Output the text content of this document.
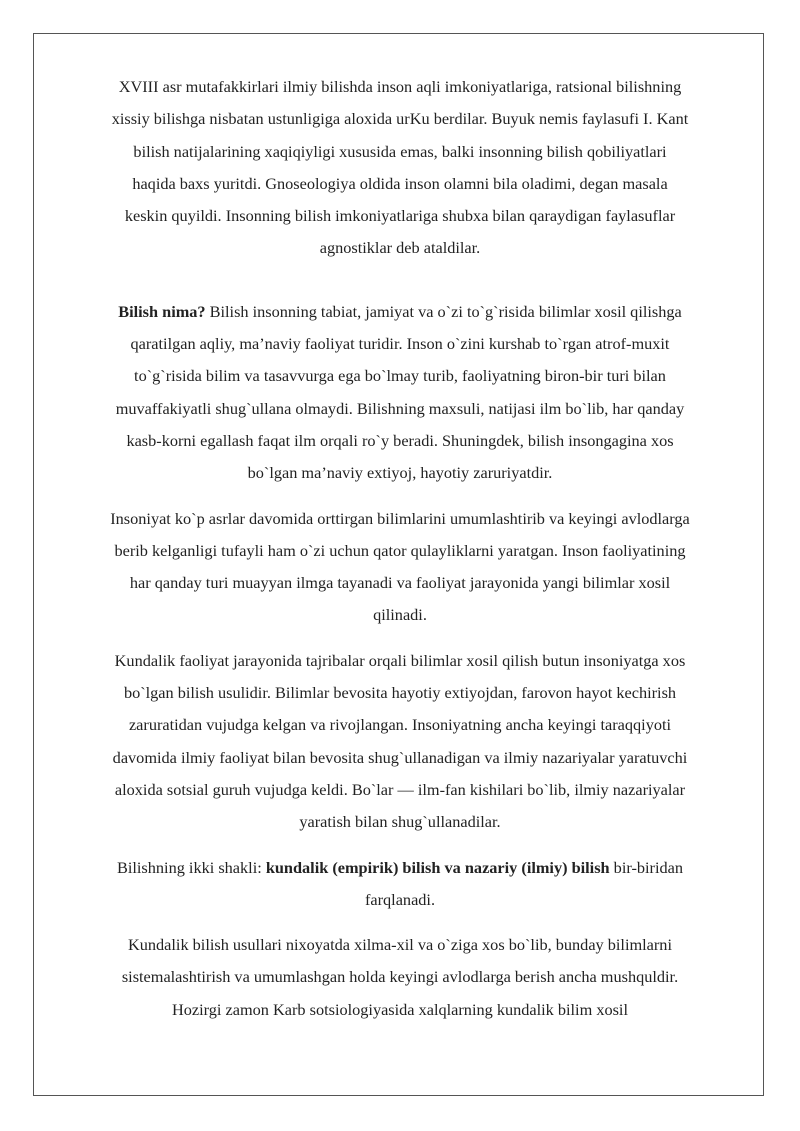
XVIII asr mutafakkirlari ilmiy bilishda inson aqli imkoniyatlariga, ratsional bilishning xissiy bilishga nisbatan ustunligiga aloxida urKu berdilar. Buyuk nemis faylasufi I. Kant bilish natijalarining xaqiqiyligi xususida emas, balki insonning bilish qobiliyatlari haqida baxs yuritdi. Gnoseologiya oldida inson olamni bila oladimi, degan masala keskin quyildi. Insonning bilish imkoniyatlariga shubxa bilan qaraydigan faylasuflar agnostiklar deb ataldilar.

Bilish nima? Bilish insonning tabiat, jamiyat va o`zi to`g`risida bilimlar xosil qilishga qaratilgan aqliy, ma’naviy faoliyat turidir. Inson o`zini kurshab to`rgan atrof-muxit to`g`risida bilim va tasavvurga ega bo`lmay turib, faoliyatning biron-bir turi bilan muvaffakiyatli shug`ullana olmaydi. Bilishning maxsuli, natijasi ilm bo`lib, har qanday kasb-korni egallash faqat ilm orqali ro`y beradi. Shuningdek, bilish insongagina xos bo`lgan ma’naviy extiyoj, hayotiy zaruriyatdir.

Insoniyat ko`p asrlar davomida orttirgan bilimlarini umumlashtirib va keyingi avlodlarga berib kelganligi tufayli ham o`zi uchun qator qulayliklarni yaratgan. Inson faoliyatining har qanday turi muayyan ilmga tayanadi va faoliyat jarayonida yangi bilimlar xosil qilinadi.

Kundalik faoliyat jarayonida tajribalar orqali bilimlar xosil qilish butun insoniyatga xos bo`lgan bilish usulidir. Bilimlar bevosita hayotiy extiyojdan, farovon hayot kechirish zaruratidan vujudga kelgan va rivojlangan. Insoniyatning ancha keyingi taraqqiyoti davomida ilmiy faoliyat bilan bevosita shug`ullanadigan va ilmiy nazariyalar yaratuvchi aloxida sotsial guruh vujudga keldi. Bo`lar — ilm-fan kishilari bo`lib, ilmiy nazariyalar yaratish bilan shug`ullanadilar.

Bilishning ikki shakli: kundalik (empirik) bilish va nazariy (ilmiy) bilish bir-biridan farqlanadi.

Kundalik bilish usullari nixoyatda xilma-xil va o`ziga xos bo`lib, bunday bilimlarni sistemalashtirish va umumlashgan holda keyingi avlodlarga berish ancha mushquldir. Hozirgi zamon Karb sotsiologiyasida xalqlarning kundalik bilim xosil
